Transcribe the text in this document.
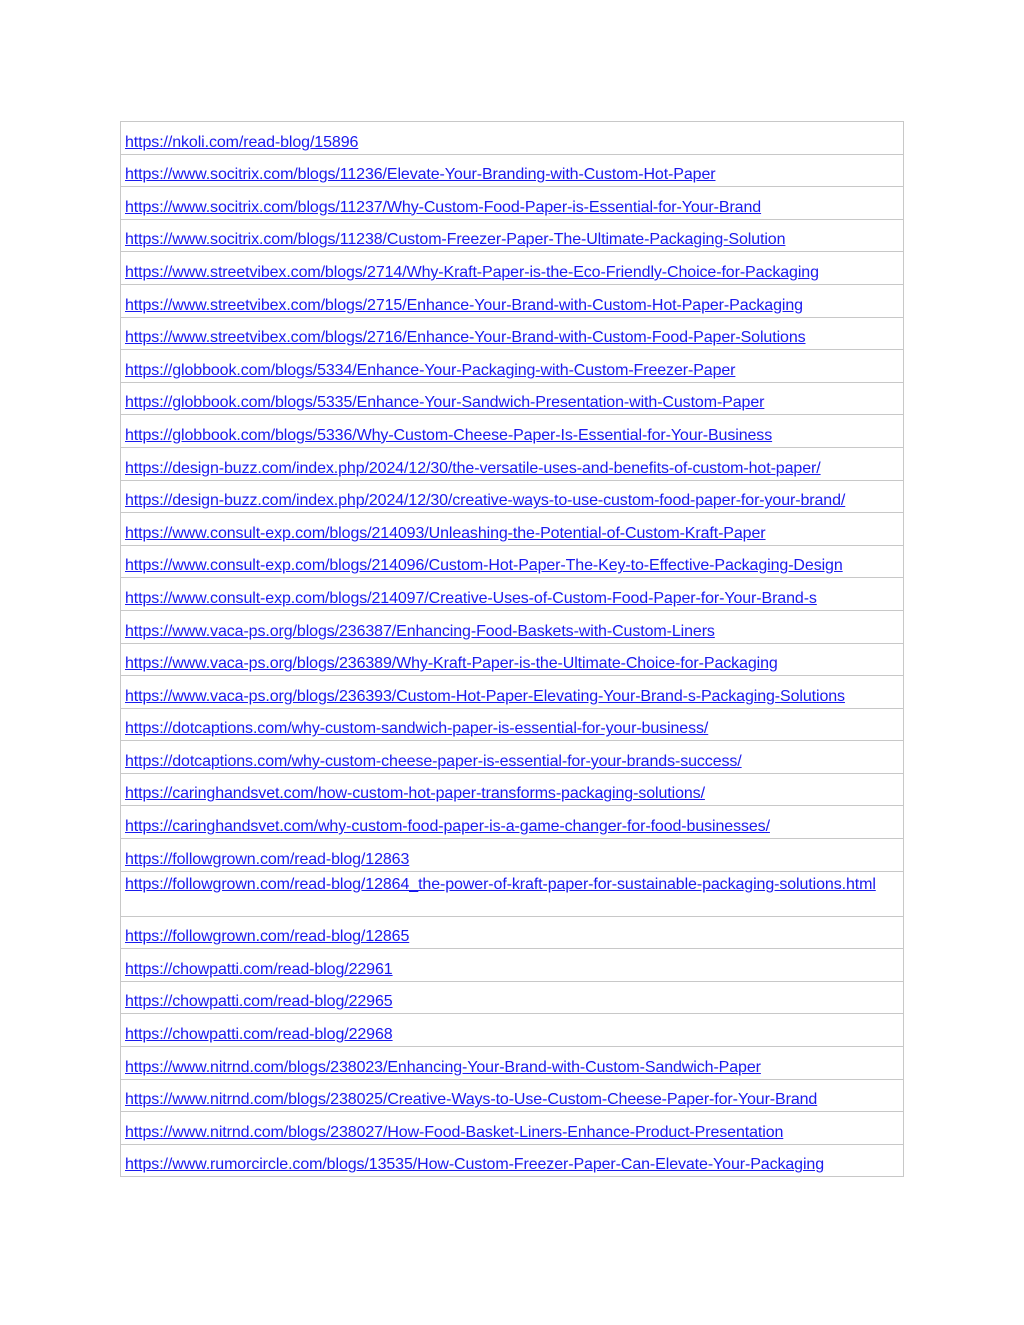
https://nkoli.com/read-blog/15896
https://www.socitrix.com/blogs/11236/Elevate-Your-Branding-with-Custom-Hot-Paper
https://www.socitrix.com/blogs/11237/Why-Custom-Food-Paper-is-Essential-for-Your-Brand
https://www.socitrix.com/blogs/11238/Custom-Freezer-Paper-The-Ultimate-Packaging-Solution
https://www.streetvibex.com/blogs/2714/Why-Kraft-Paper-is-the-Eco-Friendly-Choice-for-Packaging
https://www.streetvibex.com/blogs/2715/Enhance-Your-Brand-with-Custom-Hot-Paper-Packaging
https://www.streetvibex.com/blogs/2716/Enhance-Your-Brand-with-Custom-Food-Paper-Solutions
https://globbook.com/blogs/5334/Enhance-Your-Packaging-with-Custom-Freezer-Paper
https://globbook.com/blogs/5335/Enhance-Your-Sandwich-Presentation-with-Custom-Paper
https://globbook.com/blogs/5336/Why-Custom-Cheese-Paper-Is-Essential-for-Your-Business
https://design-buzz.com/index.php/2024/12/30/the-versatile-uses-and-benefits-of-custom-hot-paper/
https://design-buzz.com/index.php/2024/12/30/creative-ways-to-use-custom-food-paper-for-your-brand/
https://www.consult-exp.com/blogs/214093/Unleashing-the-Potential-of-Custom-Kraft-Paper
https://www.consult-exp.com/blogs/214096/Custom-Hot-Paper-The-Key-to-Effective-Packaging-Design
https://www.consult-exp.com/blogs/214097/Creative-Uses-of-Custom-Food-Paper-for-Your-Brand-s
https://www.vaca-ps.org/blogs/236387/Enhancing-Food-Baskets-with-Custom-Liners
https://www.vaca-ps.org/blogs/236389/Why-Kraft-Paper-is-the-Ultimate-Choice-for-Packaging
https://www.vaca-ps.org/blogs/236393/Custom-Hot-Paper-Elevating-Your-Brand-s-Packaging-Solutions
https://dotcaptions.com/why-custom-sandwich-paper-is-essential-for-your-business/
https://dotcaptions.com/why-custom-cheese-paper-is-essential-for-your-brands-success/
https://caringhandsvet.com/how-custom-hot-paper-transforms-packaging-solutions/
https://caringhandsvet.com/why-custom-food-paper-is-a-game-changer-for-food-businesses/
https://followgrown.com/read-blog/12863
https://followgrown.com/read-blog/12864_the-power-of-kraft-paper-for-sustainable-packaging-solutions.html
https://followgrown.com/read-blog/12865
https://chowpatti.com/read-blog/22961
https://chowpatti.com/read-blog/22965
https://chowpatti.com/read-blog/22968
https://www.nitrnd.com/blogs/238023/Enhancing-Your-Brand-with-Custom-Sandwich-Paper
https://www.nitrnd.com/blogs/238025/Creative-Ways-to-Use-Custom-Cheese-Paper-for-Your-Brand
https://www.nitrnd.com/blogs/238027/How-Food-Basket-Liners-Enhance-Product-Presentation
https://www.rumorcircle.com/blogs/13535/How-Custom-Freezer-Paper-Can-Elevate-Your-Packaging
